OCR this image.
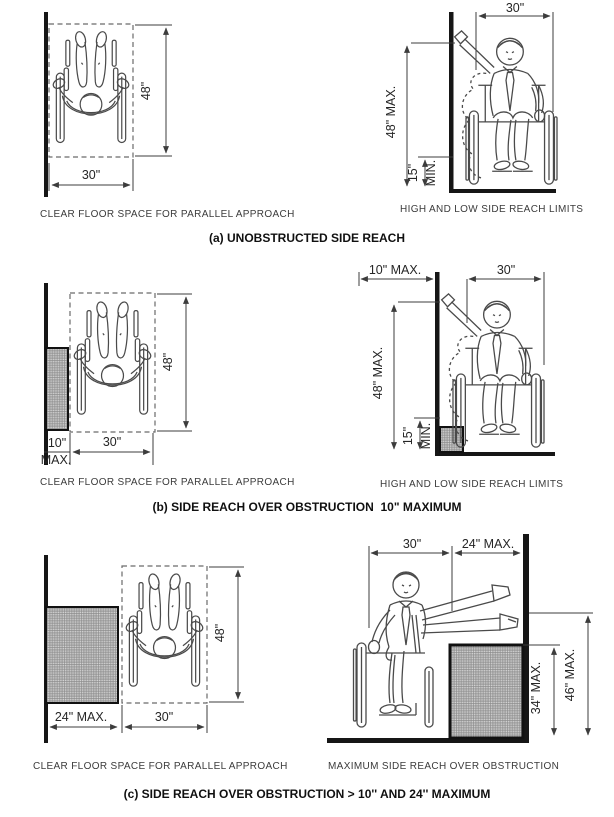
48"
30"
30"
48" MAX.
15" MIN.
CLEAR FLOOR SPACE FOR PARALLEL APPROACH	HIGH AND LOW SIDE REACH LIMITS
(a) UNOBSTRUCTED SIDE REACH
48"
10"
MAX.
30"
10" MAX.	30"
48" MAX.
15" MIN.
CLEAR FLOOR SPACE FOR PARALLEL APPROACH	HIGH AND LOW SIDE REACH LIMITS
(b) SIDE REACH OVER OBSTRUCTION  10" MAXIMUM
48"
24" MAX.	30"
30"	24" MAX.
46" MAX.
34" MAX.
CLEAR FLOOR SPACE FOR PARALLEL APPROACH	MAXIMUM SIDE REACH OVER OBSTRUCTION
(c) SIDE REACH OVER OBSTRUCTION > 10'' AND 24'' MAXIMUM
